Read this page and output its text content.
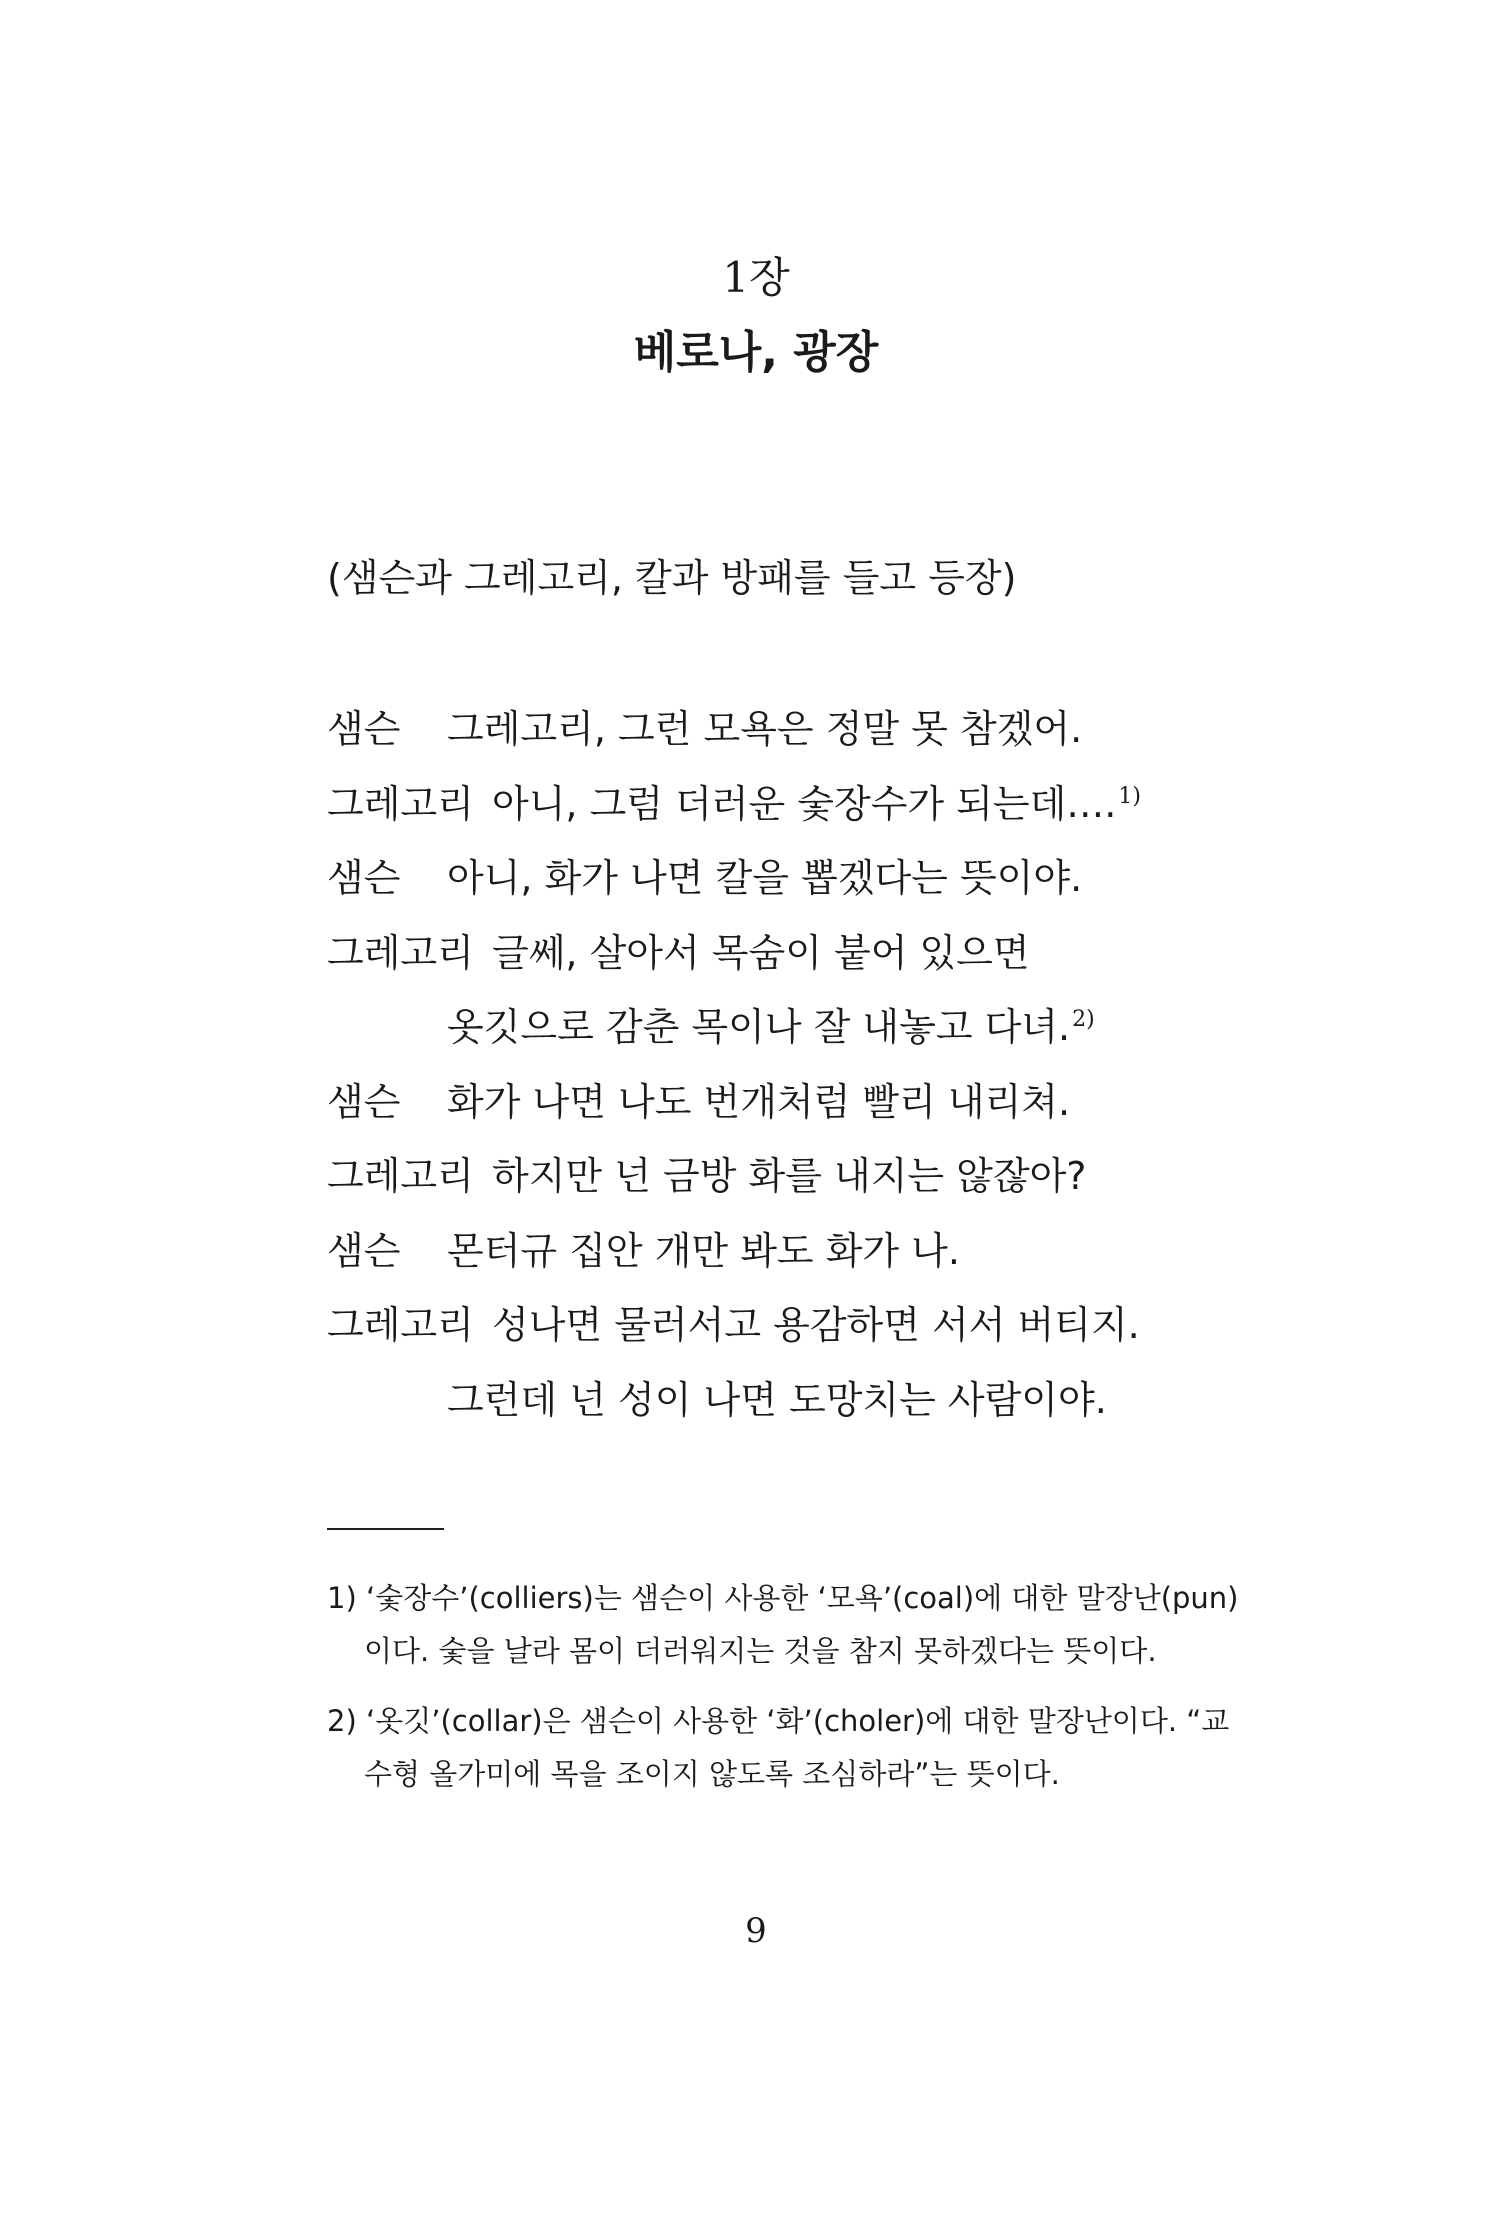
1장
베로나, 광장
(샘슨과 그레고리, 칼과 방패를 들고 등장)
샘슨 그레고리, 그런 모욕은 정말 못 참겠어.
그레고리 아니, 그럼 더러운 숯장수가 되는데….$^{1)}$
샘슨 아니, 화가 나면 칼을 뽑겠다는 뜻이야.
그레고리 글쎄, 살아서 목숨이 붙어 있으면
옷깃으로 감춘 목이나 잘 내놓고 다녀.$^{2)}$
샘슨 화가 나면 나도 번개처럼 빨리 내리쳐.
그레고리 하지만 넌 금방 화를 내지는 않잖아?
샘슨 몬터규 집안 개만 봐도 화가 나.
그레고리 성나면 물러서고 용감하면 서서 버티지.
그런데 넌 성이 나면 도망치는 사람이야.
1) ‘숯장수’(colliers)는 샘슨이 사용한 ‘모욕’(coal)에 대한 말장난(pun)
이다. 숯을 날라 몸이 더러워지는 것을 참지 못하겠다는 뜻이다.
2) ‘옷깃’(collar)은 샘슨이 사용한 ‘화’(choler)에 대한 말장난이다. “교
수형 올가미에 목을 조이지 않도록 조심하라”는 뜻이다.
9
